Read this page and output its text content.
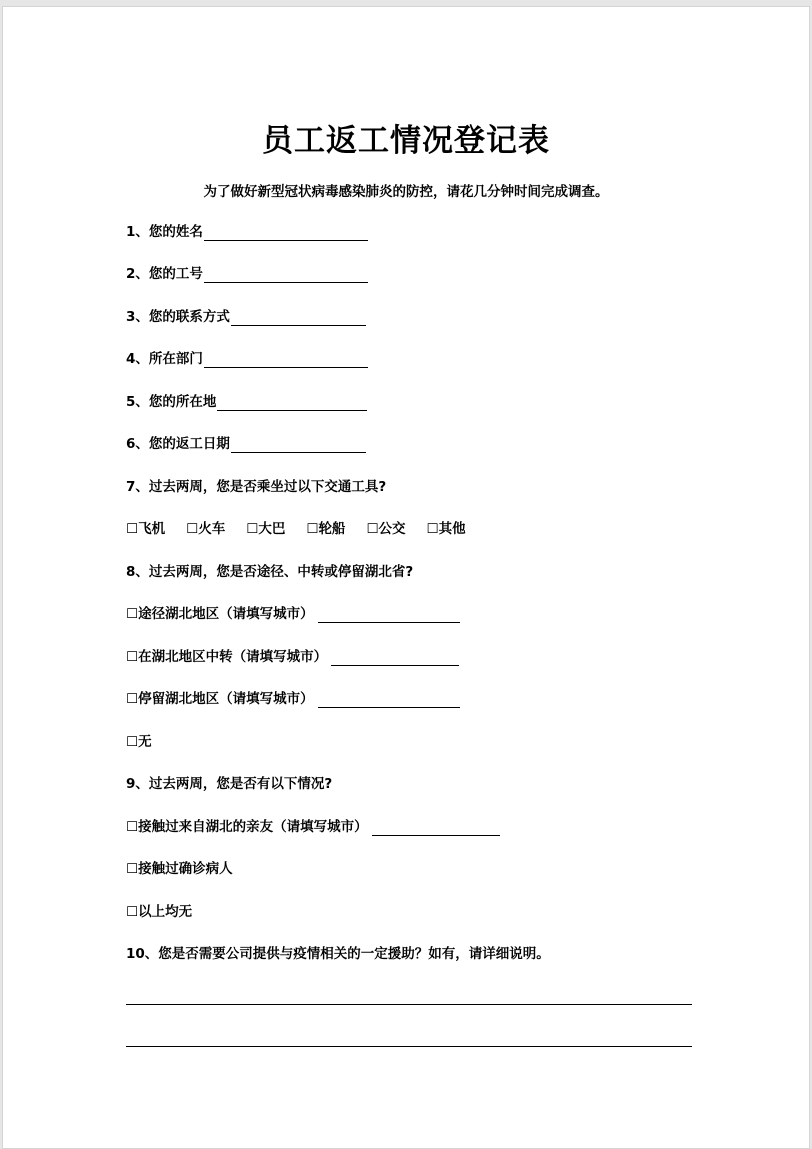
员工返工情况登记表
为了做好新型冠状病毒感染肺炎的防控，请花几分钟时间完成调查。
1、您的姓名
2、您的工号
3、您的联系方式
4、所在部门
5、您的所在地
6、您的返工日期
7、过去两周，您是否乘坐过以下交通工具?
☐飞机 ☐火车 ☐大巴 ☐轮船 ☐公交 ☐其他
8、过去两周，您是否途径、中转或停留湖北省?
☐ 途径湖北地区（请填写城市）
☐ 在湖北地区中转（请填写城市）
☐ 停留湖北地区（请填写城市）
☐ 无
9、过去两周，您是否有以下情况?
☐ 接触过来自湖北的亲友（请填写城市）
☐ 接触过确诊病人
☐ 以上均无
10、您是否需要公司提供与疫情相关的一定援助？如有，请详细说明。
